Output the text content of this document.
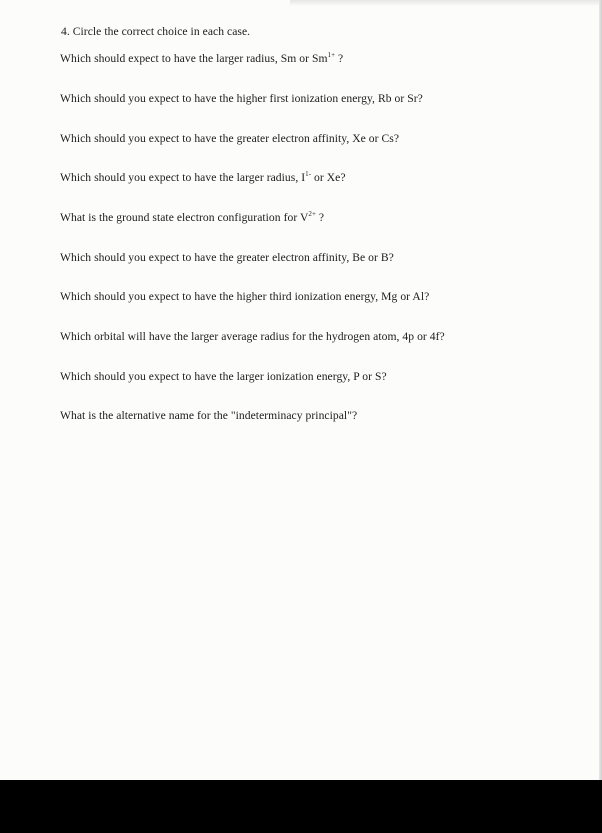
4. Circle the correct choice in each case.
Which should expect to have the larger radius, Sm or $Sm^{1+}$ ?
Which should you expect to have the higher first ionization energy, Rb or Sr?
Which should you expect to have the greater electron affinity, Xe or Cs?
Which should you expect to have the larger radius, $I^{1-}$ or Xe?
What is the ground state electron configuration for $V^{2+}$ ?
Which should you expect to have the greater electron affinity, Be or B?
Which should you expect to have the higher third ionization energy, Mg or Al?
Which orbital will have the larger average radius for the hydrogen atom, 4p or 4f?
Which should you expect to have the larger ionization energy, P or S?
What is the alternative name for the "indeterminacy principal"?
